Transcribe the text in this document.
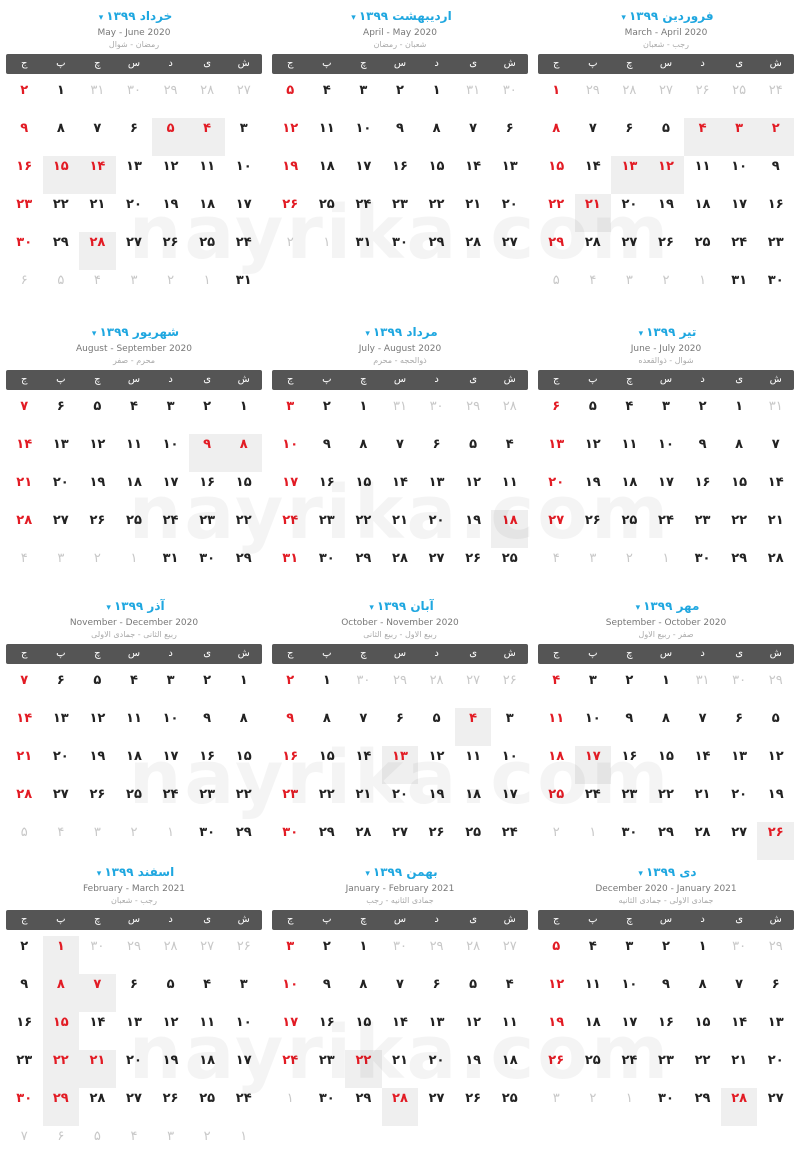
فروردین ۱۳۹۹▾
March - April 2020
رجب - شعبان
ش
ی
د
س
چ
پ
ج
۲۴
۲۵
۲۶
۲۷
۲۸
۲۹
۱
۲
۳
۴
۵
۶
۷
۸
۹
۱۰
۱۱
۱۲
۱۳
۱۴
۱۵
۱۶
۱۷
۱۸
۱۹
۲۰
۲۱
۲۲
۲۳
۲۴
۲۵
۲۶
۲۷
۲۸
۲۹
۳۰
۳۱
۱
۲
۳
۴
۵
اردیبهشت ۱۳۹۹▾
April - May 2020
شعبان - رمضان
ش
ی
د
س
چ
پ
ج
۳۰
۳۱
۱
۲
۳
۴
۵
۶
۷
۸
۹
۱۰
۱۱
۱۲
۱۳
۱۴
۱۵
۱۶
۱۷
۱۸
۱۹
۲۰
۲۱
۲۲
۲۳
۲۴
۲۵
۲۶
۲۷
۲۸
۲۹
۳۰
۳۱
۱
۲
خرداد ۱۳۹۹▾
May - June 2020
رمضان - شوال
ش
ی
د
س
چ
پ
ج
۲۷
۲۸
۲۹
۳۰
۳۱
۱
۲
۳
۴
۵
۶
۷
۸
۹
۱۰
۱۱
۱۲
۱۳
۱۴
۱۵
۱۶
۱۷
۱۸
۱۹
۲۰
۲۱
۲۲
۲۳
۲۴
۲۵
۲۶
۲۷
۲۸
۲۹
۳۰
۳۱
۱
۲
۳
۴
۵
۶
تیر ۱۳۹۹▾
June - July 2020
شوال - ذوالقعده
ش
ی
د
س
چ
پ
ج
۳۱
۱
۲
۳
۴
۵
۶
۷
۸
۹
۱۰
۱۱
۱۲
۱۳
۱۴
۱۵
۱۶
۱۷
۱۸
۱۹
۲۰
۲۱
۲۲
۲۳
۲۴
۲۵
۲۶
۲۷
۲۸
۲۹
۳۰
۱
۲
۳
۴
مرداد ۱۳۹۹▾
July - August 2020
ذوالحجه - محرم
ش
ی
د
س
چ
پ
ج
۲۸
۲۹
۳۰
۳۱
۱
۲
۳
۴
۵
۶
۷
۸
۹
۱۰
۱۱
۱۲
۱۳
۱۴
۱۵
۱۶
۱۷
۱۸
۱۹
۲۰
۲۱
۲۲
۲۳
۲۴
۲۵
۲۶
۲۷
۲۸
۲۹
۳۰
۳۱
شهریور ۱۳۹۹▾
August - September 2020
محرم - صفر
ش
ی
د
س
چ
پ
ج
۱
۲
۳
۴
۵
۶
۷
۸
۹
۱۰
۱۱
۱۲
۱۳
۱۴
۱۵
۱۶
۱۷
۱۸
۱۹
۲۰
۲۱
۲۲
۲۳
۲۴
۲۵
۲۶
۲۷
۲۸
۲۹
۳۰
۳۱
۱
۲
۳
۴
مهر ۱۳۹۹▾
September - October 2020
صفر - ربیع الاول
ش
ی
د
س
چ
پ
ج
۲۹
۳۰
۳۱
۱
۲
۳
۴
۵
۶
۷
۸
۹
۱۰
۱۱
۱۲
۱۳
۱۴
۱۵
۱۶
۱۷
۱۸
۱۹
۲۰
۲۱
۲۲
۲۳
۲۴
۲۵
۲۶
۲۷
۲۸
۲۹
۳۰
۱
۲
آبان ۱۳۹۹▾
October - November 2020
ربیع الاول - ربیع الثانی
ش
ی
د
س
چ
پ
ج
۲۶
۲۷
۲۸
۲۹
۳۰
۱
۲
۳
۴
۵
۶
۷
۸
۹
۱۰
۱۱
۱۲
۱۳
۱۴
۱۵
۱۶
۱۷
۱۸
۱۹
۲۰
۲۱
۲۲
۲۳
۲۴
۲۵
۲۶
۲۷
۲۸
۲۹
۳۰
آذر ۱۳۹۹▾
November - December 2020
ربیع الثانی - جمادی الاولی
ش
ی
د
س
چ
پ
ج
۱
۲
۳
۴
۵
۶
۷
۸
۹
۱۰
۱۱
۱۲
۱۳
۱۴
۱۵
۱۶
۱۷
۱۸
۱۹
۲۰
۲۱
۲۲
۲۳
۲۴
۲۵
۲۶
۲۷
۲۸
۲۹
۳۰
۱
۲
۳
۴
۵
دی ۱۳۹۹▾
December 2020 - January 2021
جمادی الاولی - جمادی الثانیه
ش
ی
د
س
چ
پ
ج
۲۹
۳۰
۱
۲
۳
۴
۵
۶
۷
۸
۹
۱۰
۱۱
۱۲
۱۳
۱۴
۱۵
۱۶
۱۷
۱۸
۱۹
۲۰
۲۱
۲۲
۲۳
۲۴
۲۵
۲۶
۲۷
۲۸
۲۹
۳۰
۱
۲
۳
بهمن ۱۳۹۹▾
January - February 2021
جمادی الثانیه - رجب
ش
ی
د
س
چ
پ
ج
۲۷
۲۸
۲۹
۳۰
۱
۲
۳
۴
۵
۶
۷
۸
۹
۱۰
۱۱
۱۲
۱۳
۱۴
۱۵
۱۶
۱۷
۱۸
۱۹
۲۰
۲۱
۲۲
۲۳
۲۴
۲۵
۲۶
۲۷
۲۸
۲۹
۳۰
۱
اسفند ۱۳۹۹▾
February - March 2021
رجب - شعبان
ش
ی
د
س
چ
پ
ج
۲۶
۲۷
۲۸
۲۹
۳۰
۱
۲
۳
۴
۵
۶
۷
۸
۹
۱۰
۱۱
۱۲
۱۳
۱۴
۱۵
۱۶
۱۷
۱۸
۱۹
۲۰
۲۱
۲۲
۲۳
۲۴
۲۵
۲۶
۲۷
۲۸
۲۹
۳۰
۱
۲
۳
۴
۵
۶
۷
